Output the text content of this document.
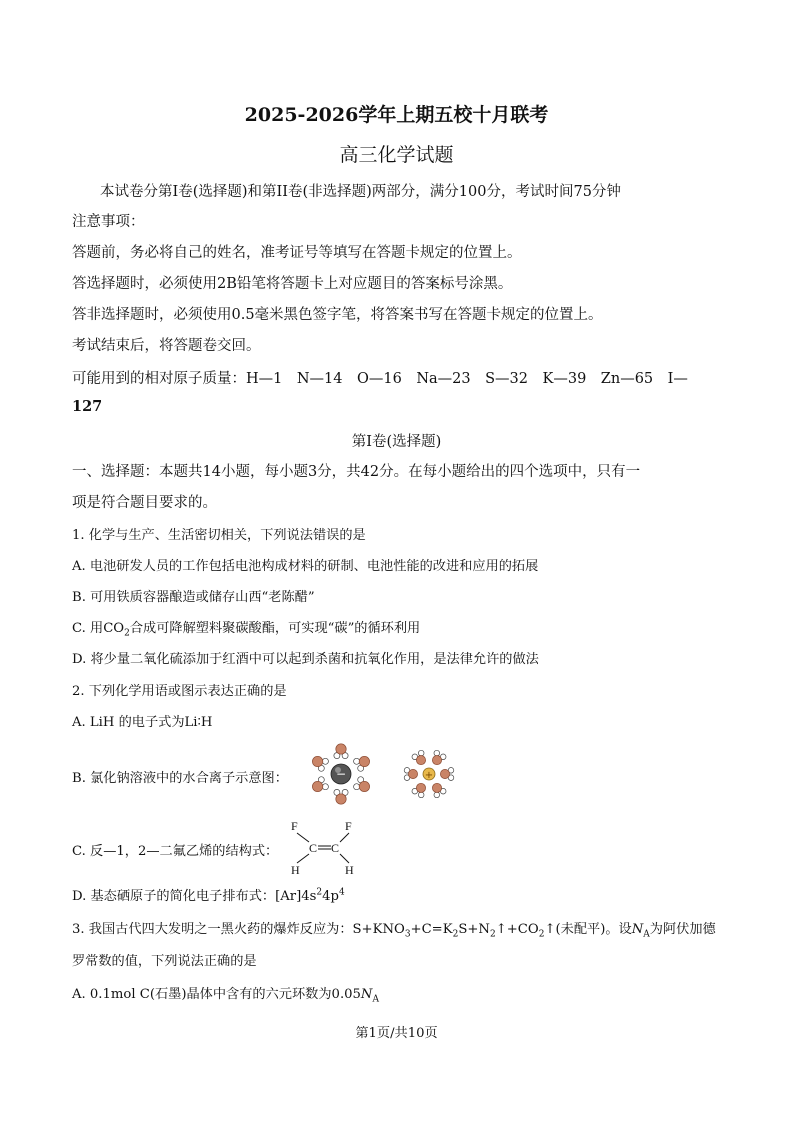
2025-2026学年上期五校十月联考
高三化学试题
本试卷分第I卷(选择题)和第II卷(非选择题)两部分，满分100分，考试时间75分钟
注意事项：
答题前，务必将自己的姓名，准考证号等填写在答题卡规定的位置上。
答选择题时，必须使用2B铅笔将答题卡上对应题目的答案标号涂黑。
答非选择题时，必须使用0.5毫米黑色签字笔，将答案书写在答题卡规定的位置上。
考试结束后，将答题卷交回。
可能用到的相对原子质量：H—1　N—14　O—16　Na—23　S—32　K—39　Zn—65　I—
127
第I卷(选择题)
一、选择题：本题共14小题，每小题3分，共42分。在每小题给出的四个选项中，只有一
项是符合题目要求的。
1. 化学与生产、生活密切相关，下列说法错误的是
A. 电池研发人员的工作包括电池构成材料的研制、电池性能的改进和应用的拓展
B. 可用铁质容器酿造或储存山西“老陈醋”
C. 用$CO_2$合成可降解塑料聚碳酸酯，可实现“碳”的循环利用
D. 将少量二氧化硫添加于红酒中可以起到杀菌和抗氧化作用，是法律允许的做法
2. 下列化学用语或图示表达正确的是
A. LiH 的电子式为Li∶H
B. 氯化钠溶液中的水合离子示意图：	−	+
C. 反—1，2—二氟乙烯的结构式：
F	F
C C
H	H
D. 基态硒原子的简化电子排布式：$[Ar]4s^24p^4$
3. 我国古代四大发明之一黑火药的爆炸反应为：$S+KNO_3+C=K_2S+N_2↑+CO_2↑$(未配平)。设$N_A$为阿伏加德
罗常数的值，下列说法正确的是
A. 0.1mol C(石墨)晶体中含有的六元环数为$0.05N_A$
第1页/共10页
